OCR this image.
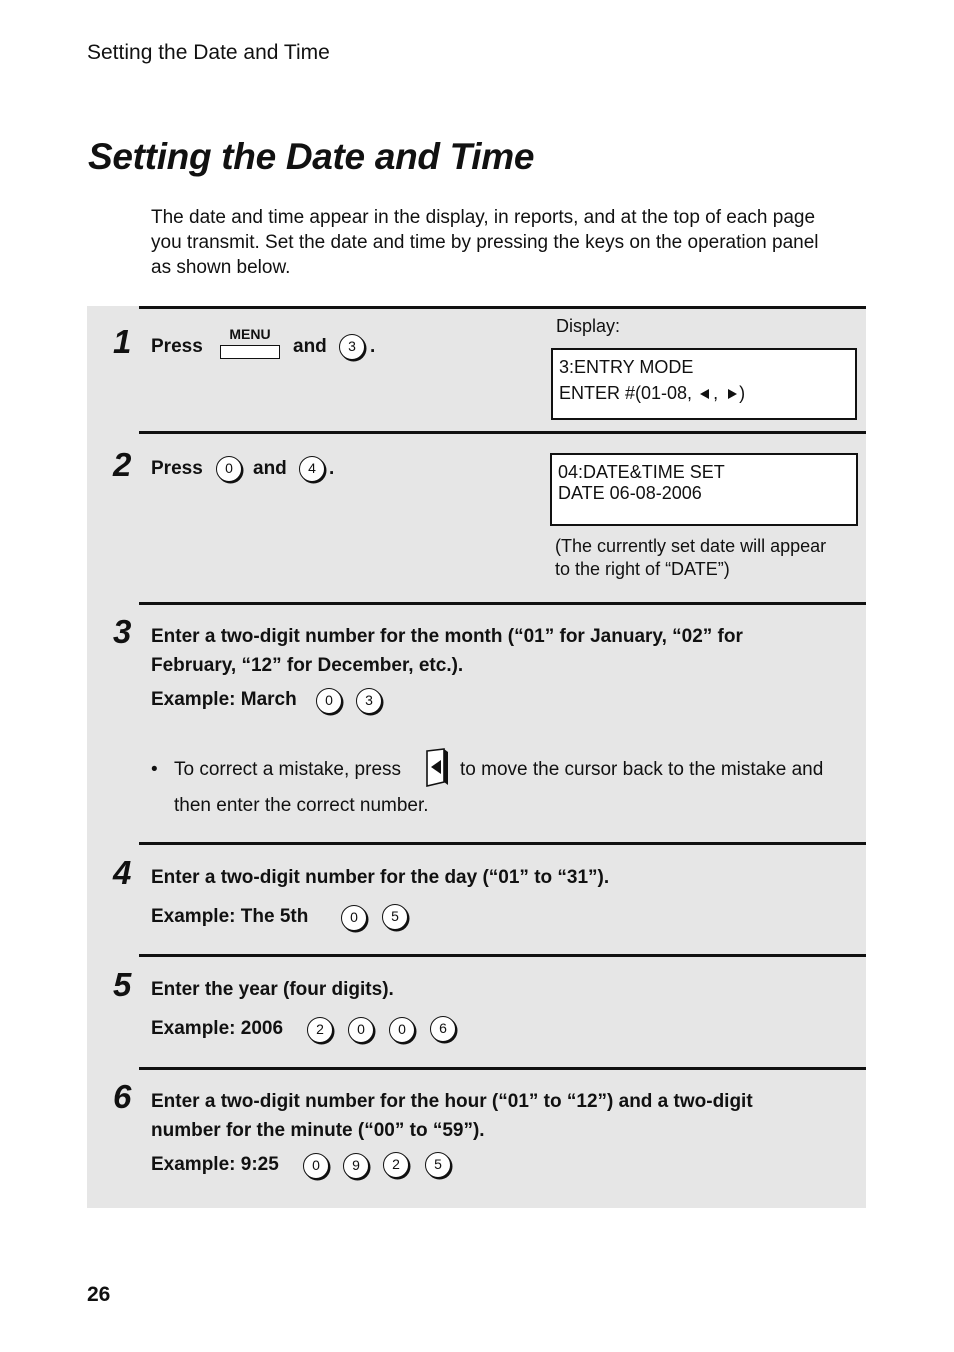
Setting the Date and Time
Setting the Date and Time

The date and time appear in the display, in reports, and at the top of each page you transmit. Set the date and time by pressing the keys on the operation panel as shown below.

1 Press
MENU
and	3 .
Display:
3:ENTRY MODE
ENTER #(01-08, , )
2 Press	0	and	4 .	04:DATE&TIME SET
DATE 06-08-2006
(The currently set date will appear
to the right of “DATE”)
3 Enter a two-digit number for the month (“01” for January, “02” for
February, “12” for December, etc.).
Example: March	0	3
• To correct a mistake, press	to move the cursor back to the mistake and
then enter the correct number.
4 Enter a two-digit number for the day (“01” to “31”).
Example: The 5th	0	5
5 Enter the year (four digits).
Example: 2006	2	0	0	6
6 Enter a two-digit number for the hour (“01” to “12”) and a two-digit
number for the minute (“00” to “59”).
Example: 9:25	0	9	2	5
26
